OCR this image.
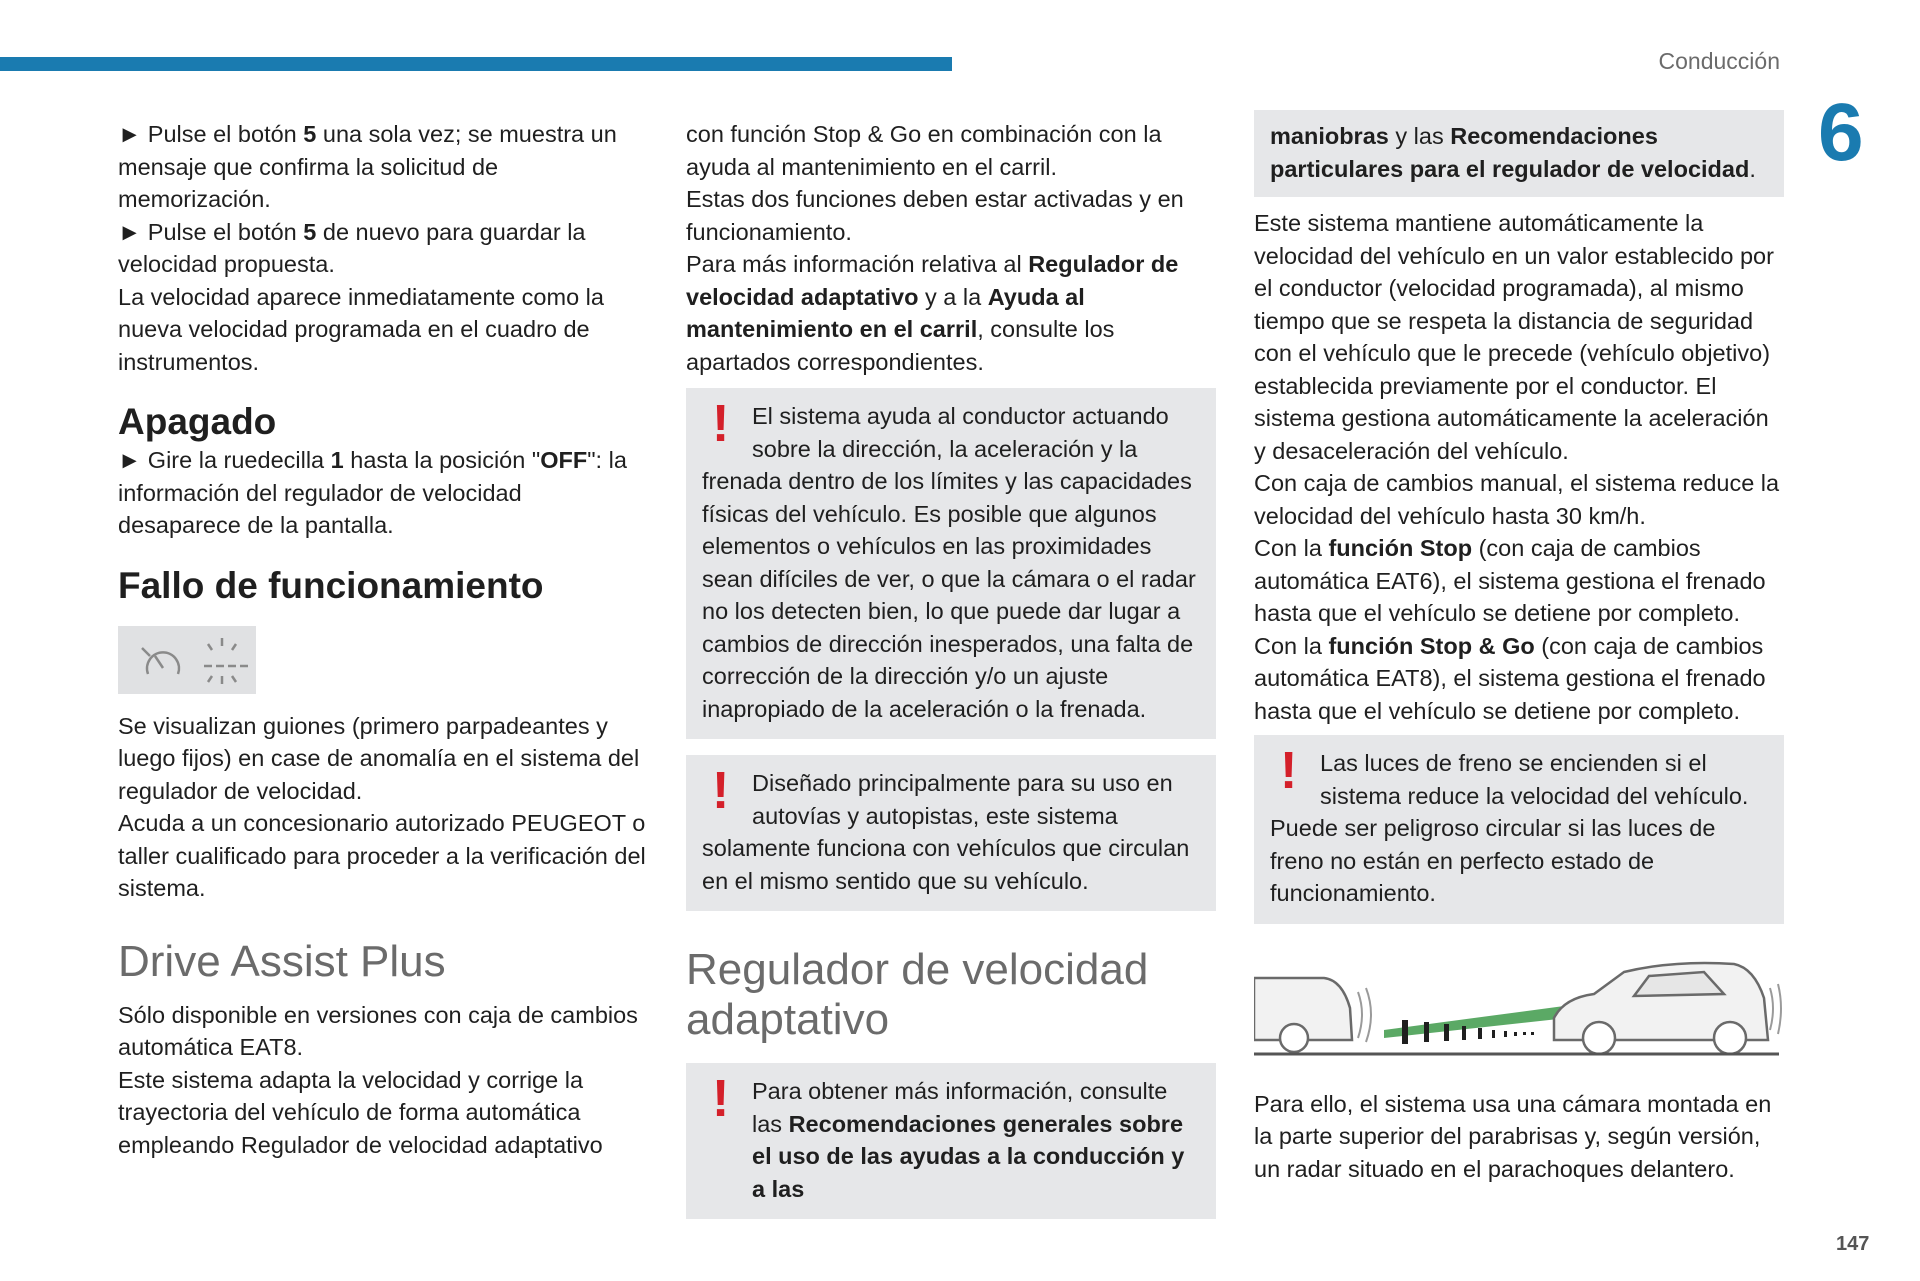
Conducción
6
147

► Pulse el botón 5 una sola vez; se muestra un mensaje que confirma la solicitud de memorización.

► Pulse el botón 5 de nuevo para guardar la velocidad propuesta.

La velocidad aparece inmediatamente como la nueva velocidad programada en el cuadro de instrumentos.

Apagado

► Gire la ruedecilla 1 hasta la posición "OFF": la información del regulador de velocidad desaparece de la pantalla.

Fallo de funcionamiento

Se visualizan guiones (primero parpadeantes y luego fijos) en case de anomalía en el sistema del regulador de velocidad.

Acuda a un concesionario autorizado PEUGEOT o taller cualificado para proceder a la verificación del sistema.

Drive Assist Plus

Sólo disponible en versiones con caja de cambios automática EAT8.

Este sistema adapta la velocidad y corrige la trayectoria del vehículo de forma automática empleando Regulador de velocidad adaptativo

con función Stop & Go en combinación con la ayuda al mantenimiento en el carril.

Estas dos funciones deben estar activadas y en funcionamiento.

Para más información relativa al Regulador de velocidad adaptativo y a la Ayuda al mantenimiento en el carril, consulte los apartados correspondientes.

! El sistema ayuda al conductor actuando sobre la dirección, la aceleración y la

frenada dentro de los límites y las capacidades físicas del vehículo. Es posible que algunos elementos o vehículos en las proximidades sean difíciles de ver, o que la cámara o el radar no los detecten bien, lo que puede dar lugar a cambios de dirección inesperados, una falta de corrección de la dirección y/o un ajuste inapropiado de la aceleración o la frenada.

! Diseñado principalmente para su uso en autovías y autopistas, este sistema

solamente funciona con vehículos que circulan en el mismo sentido que su vehículo.

Regulador de velocidad
adaptativo
! Para obtener más información, consulte las Recomendaciones generales sobre el uso de las ayudas a la conducción y a las

maniobras y las Recomendaciones particulares para el regulador de velocidad.

Este sistema mantiene automáticamente la velocidad del vehículo en un valor establecido por el conductor (velocidad programada), al mismo tiempo que se respeta la distancia de seguridad con el vehículo que le precede (vehículo objetivo) establecida previamente por el conductor. El sistema gestiona automáticamente la aceleración y desaceleración del vehículo.

Con caja de cambios manual, el sistema reduce la velocidad del vehículo hasta 30 km/h.

Con la función Stop (con caja de cambios automática EAT6), el sistema gestiona el frenado hasta que el vehículo se detiene por completo.

Con la función Stop & Go (con caja de cambios automática EAT8), el sistema gestiona el frenado hasta que el vehículo se detiene por completo.

! Las luces de freno se encienden si el sistema reduce la velocidad del vehículo.

Puede ser peligroso circular si las luces de freno no están en perfecto estado de funcionamiento.

Para ello, el sistema usa una cámara montada en la parte superior del parabrisas y, según versión, un radar situado en el parachoques delantero.
